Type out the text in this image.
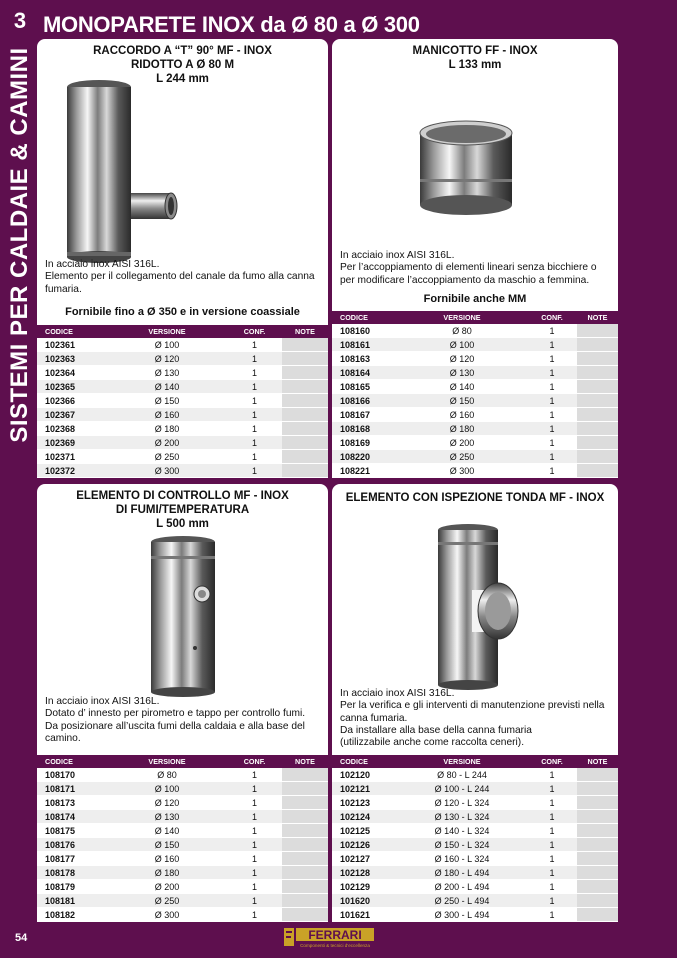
3
SISTEMI PER CALDAIE & CAMINI
MONOPARETE INOX da Ø 80 a Ø 300
RACCORDO A “T” 90° MF - INOX
RIDOTTO A Ø 80 M
L 244 mm
In acciaio inox AISI 316L.
Elemento per il collegamento del canale da fumo alla canna
fumaria.
Fornibile fino a Ø 350 e in versione coassiale
CODICE	VERSIONE	CONF.	NOTE
102361	Ø 100	1	
102363	Ø 120	1	
102364	Ø 130	1	
102365	Ø 140	1	
102366	Ø 150	1	
102367	Ø 160	1	
102368	Ø 180	1	
102369	Ø 200	1	
102371	Ø 250	1	
102372	Ø 300	1	
MANICOTTO FF - INOX
L 133 mm
In acciaio inox AISI 316L.
Per l’accoppiamento di elementi lineari senza bicchiere o
per modificare l’accoppiamento da maschio a femmina.
Fornibile anche MM
CODICE	VERSIONE	CONF.	NOTE
108160	Ø 80	1	
108161	Ø 100	1	
108163	Ø 120	1	
108164	Ø 130	1	
108165	Ø 140	1	
108166	Ø 150	1	
108167	Ø 160	1	
108168	Ø 180	1	
108169	Ø 200	1	
108220	Ø 250	1	
108221	Ø 300	1	
ELEMENTO DI CONTROLLO MF - INOX
DI FUMI/TEMPERATURA
L 500 mm
In acciaio inox AISI 316L.
Dotato d’ innesto per pirometro e tappo per controllo fumi.
Da posizionare all’uscita fumi della caldaia e alla base del
camino.
CODICE	VERSIONE	CONF.	NOTE
108170	Ø 80	1	
108171	Ø 100	1	
108173	Ø 120	1	
108174	Ø 130	1	
108175	Ø 140	1	
108176	Ø 150	1	
108177	Ø 160	1	
108178	Ø 180	1	
108179	Ø 200	1	
108181	Ø 250	1	
108182	Ø 300	1	
ELEMENTO CON ISPEZIONE TONDA MF - INOX
In acciaio inox AISI 316L.
Per la verifica e gli interventi di manutenzione previsti nella
canna fumaria.
Da installare alla base della canna fumaria
(utilizzabile anche come raccolta ceneri).
CODICE	VERSIONE	CONF.	NOTE
102120	Ø 80 - L 244	1	
102121	Ø 100 - L 244	1	
102123	Ø 120 - L 324	1	
102124	Ø 130 - L 324	1	
102125	Ø 140 - L 324	1	
102126	Ø 150 - L 324	1	
102127	Ø 160 - L 324	1	
102128	Ø 180 - L 494	1	
102129	Ø 200 - L 494	1	
101620	Ø 250 - L 494	1	
101621	Ø 300 - L 494	1	
54	FERRARI
Componenti & tecnici d'eccellenza
